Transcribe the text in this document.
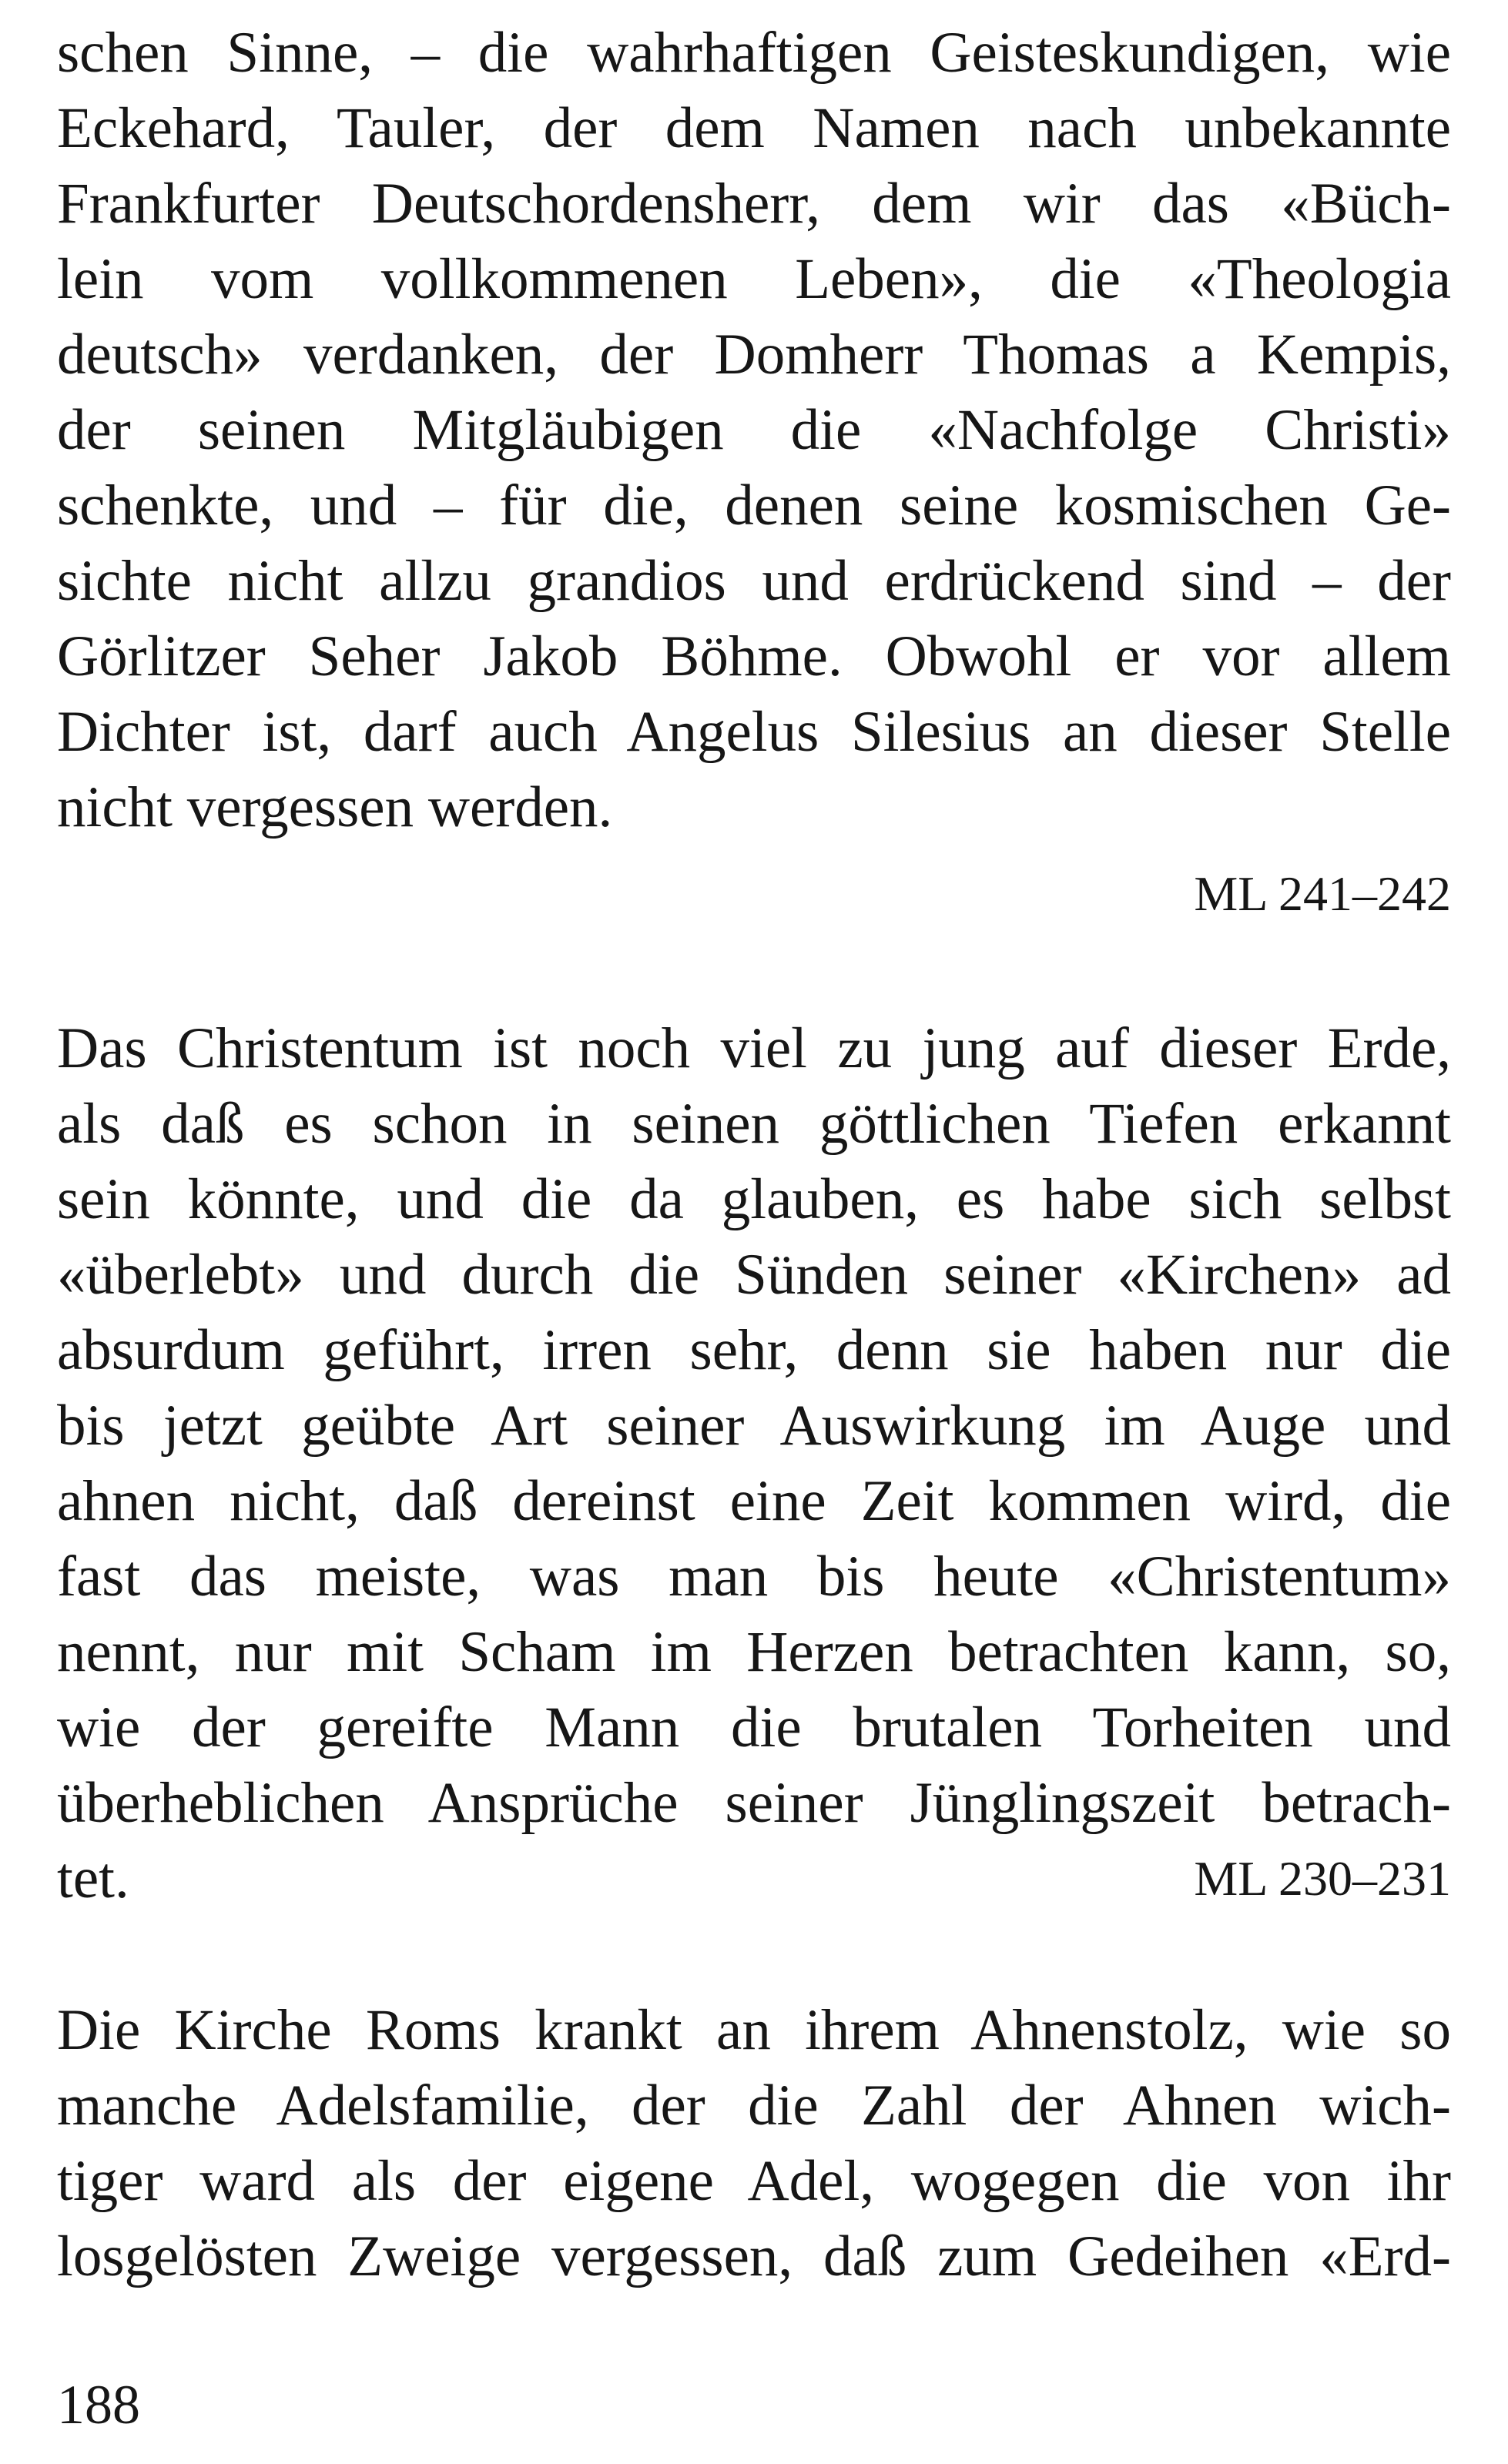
schen Sinne, – die wahrhaftigen Geisteskundigen, wie
Eckehard, Tauler, der dem Namen nach unbekannte
Frankfurter Deutschordensherr, dem wir das «Büch-
lein vom vollkommenen Leben», die «Theologia
deutsch» verdanken, der Domherr Thomas a Kempis,
der seinen Mitgläubigen die «Nachfolge Christi»
schenkte, und – für die, denen seine kosmischen Ge-
sichte nicht allzu grandios und erdrückend sind – der
Görlitzer Seher Jakob Böhme. Obwohl er vor allem
Dichter ist, darf auch Angelus Silesius an dieser Stelle
nicht vergessen werden.
ML 241–242
Das Christentum ist noch viel zu jung auf dieser Erde,
als daß es schon in seinen göttlichen Tiefen erkannt
sein könnte, und die da glauben, es habe sich selbst
«überlebt» und durch die Sünden seiner «Kirchen» ad
absurdum geführt, irren sehr, denn sie haben nur die
bis jetzt geübte Art seiner Auswirkung im Auge und
ahnen nicht, daß dereinst eine Zeit kommen wird, die
fast das meiste, was man bis heute «Christentum»
nennt, nur mit Scham im Herzen betrachten kann, so,
wie der gereifte Mann die brutalen Torheiten und
überheblichen Ansprüche seiner Jünglingszeit betrach-
tet.	ML 230–231
Die Kirche Roms krankt an ihrem Ahnenstolz, wie so
manche Adelsfamilie, der die Zahl der Ahnen wich-
tiger ward als der eigene Adel, wogegen die von ihr
losgelösten Zweige vergessen, daß zum Gedeihen «Erd-
188
